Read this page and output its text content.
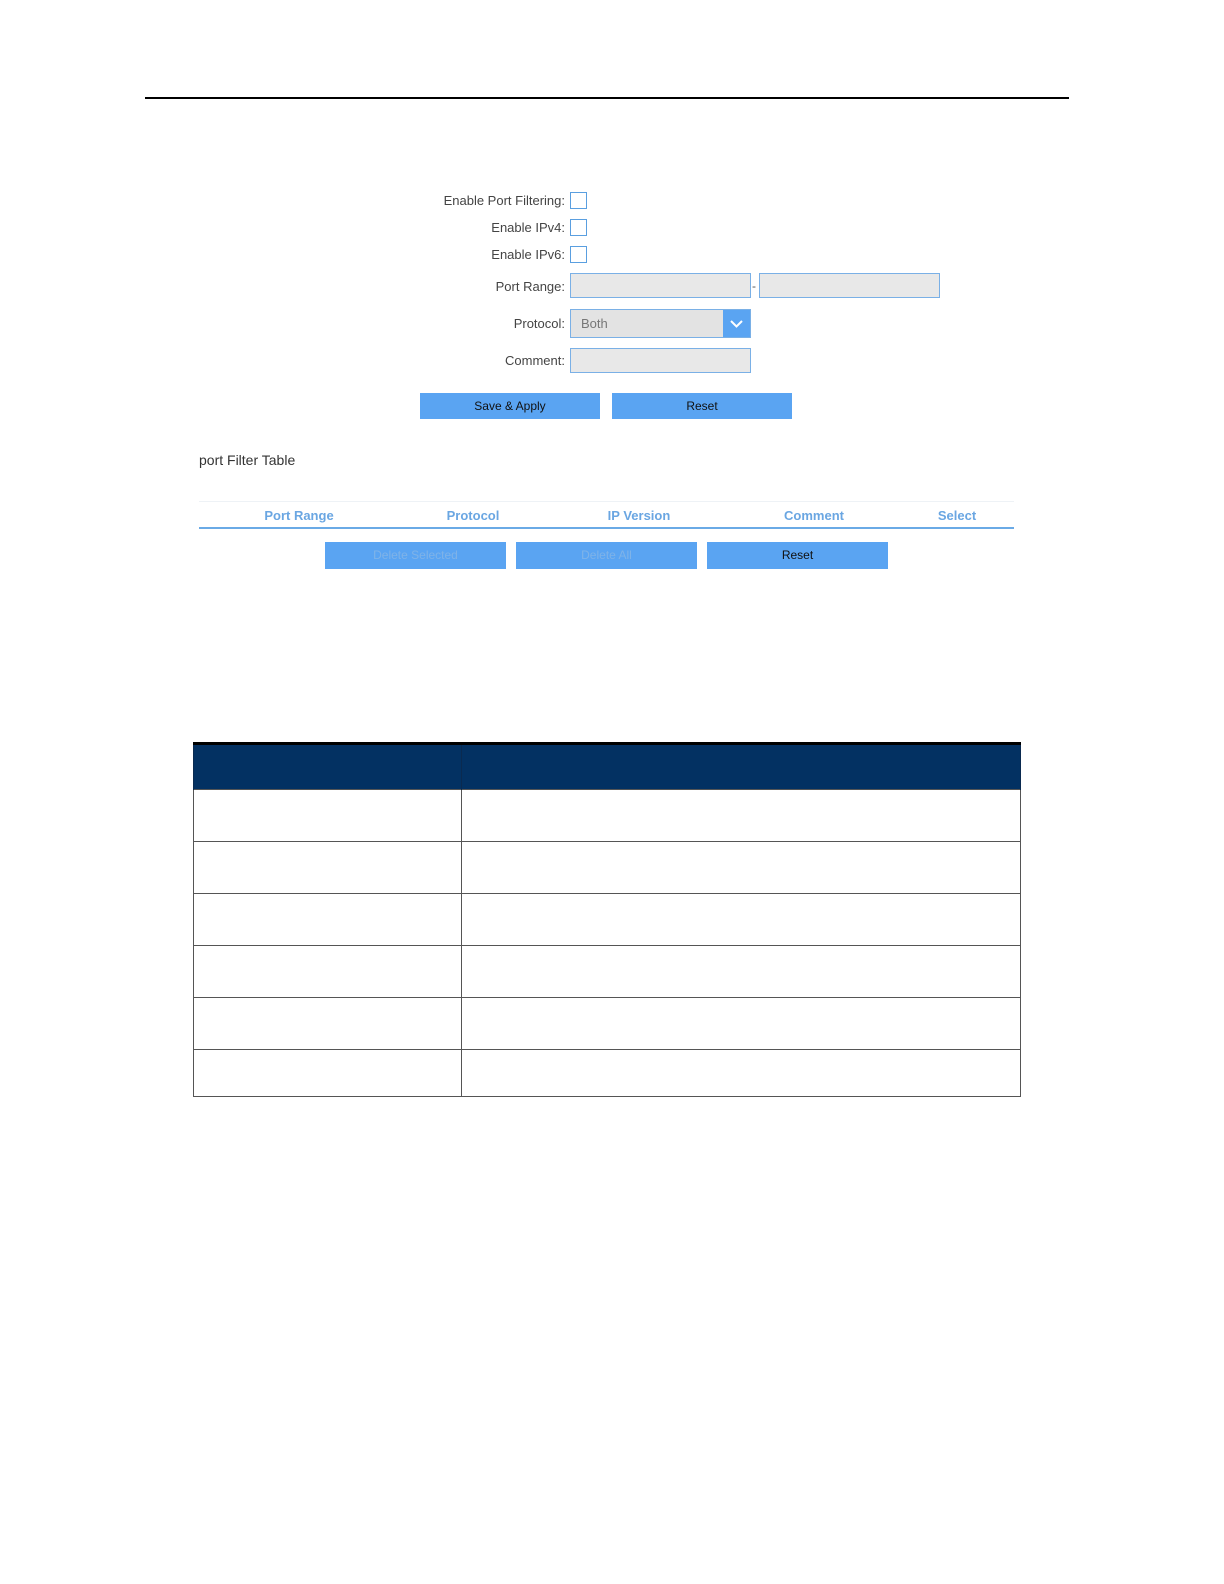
Enable Port Filtering:
Enable IPv4:
Enable IPv6:
Port Range:	-
Protocol: Both
Comment:
Save & Apply	Reset
port Filter Table
Port Range	Protocol	IP Version	Comment	Select
Delete Selected	Delete All	Reset
